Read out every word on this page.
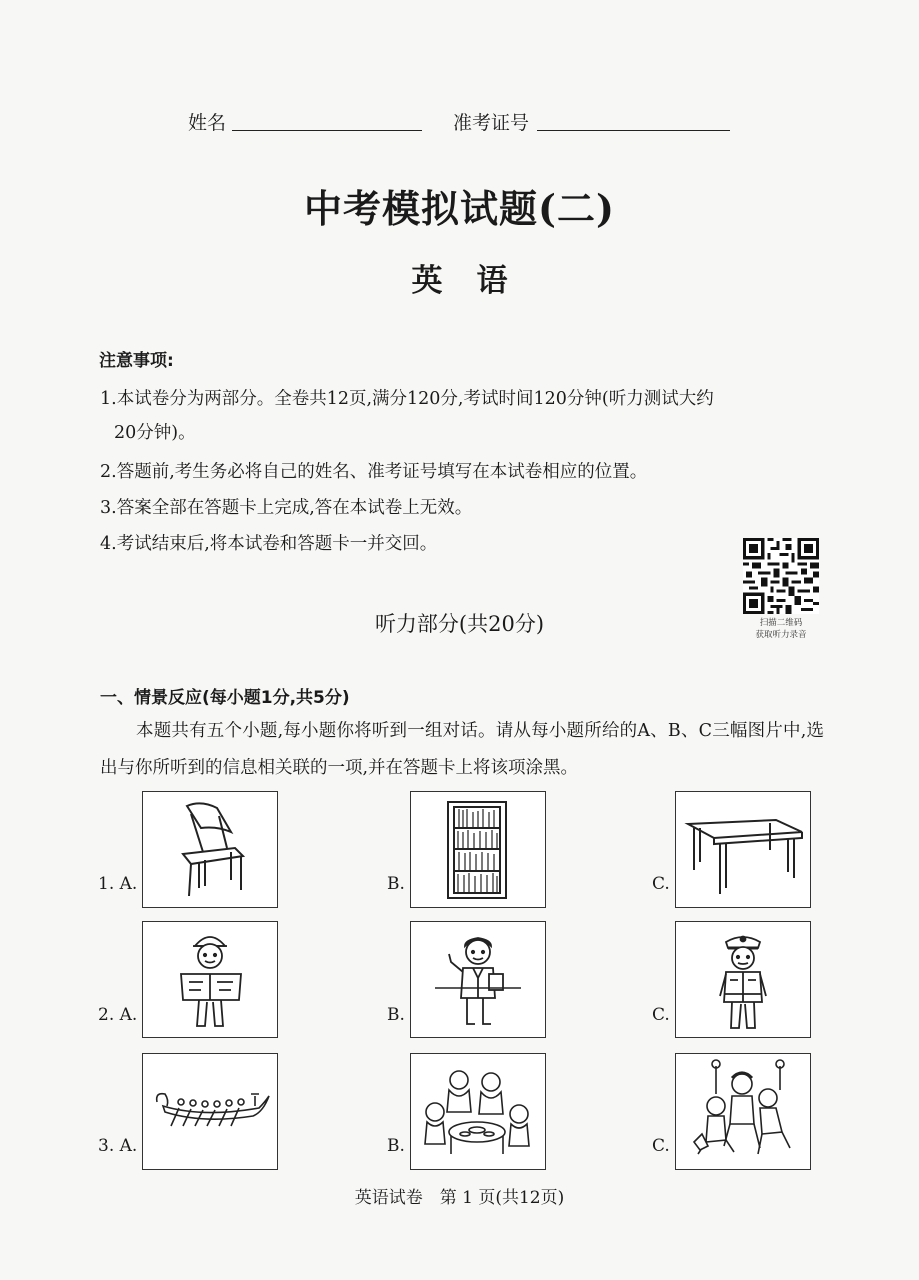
姓名	准考证号
中考模拟试题(二)
英语
注意事项:
1.本试卷分为两部分。全卷共12页,满分120分,考试时间120分钟(听力测试大约
20分钟)。
2.答题前,考生务必将自己的姓名、准考证号填写在本试卷相应的位置。
3.答案全部在答题卡上完成,答在本试卷上无效。
4.考试结束后,将本试卷和答题卡一并交回。
扫描二维码
获取听力录音
听力部分(共20分)
一、情景反应(每小题1分,共5分)
本题共有五个小题,每小题你将听到一组对话。请从每小题所给的A、B、C三幅图片中,选出与你所听到的信息相关联的一项,并在答题卡上将该项涂黑。
1. A.	B.	C.
2. A.	B.	C.
3. A.	B.	C.
英语试卷　第 1 页(共12页)
